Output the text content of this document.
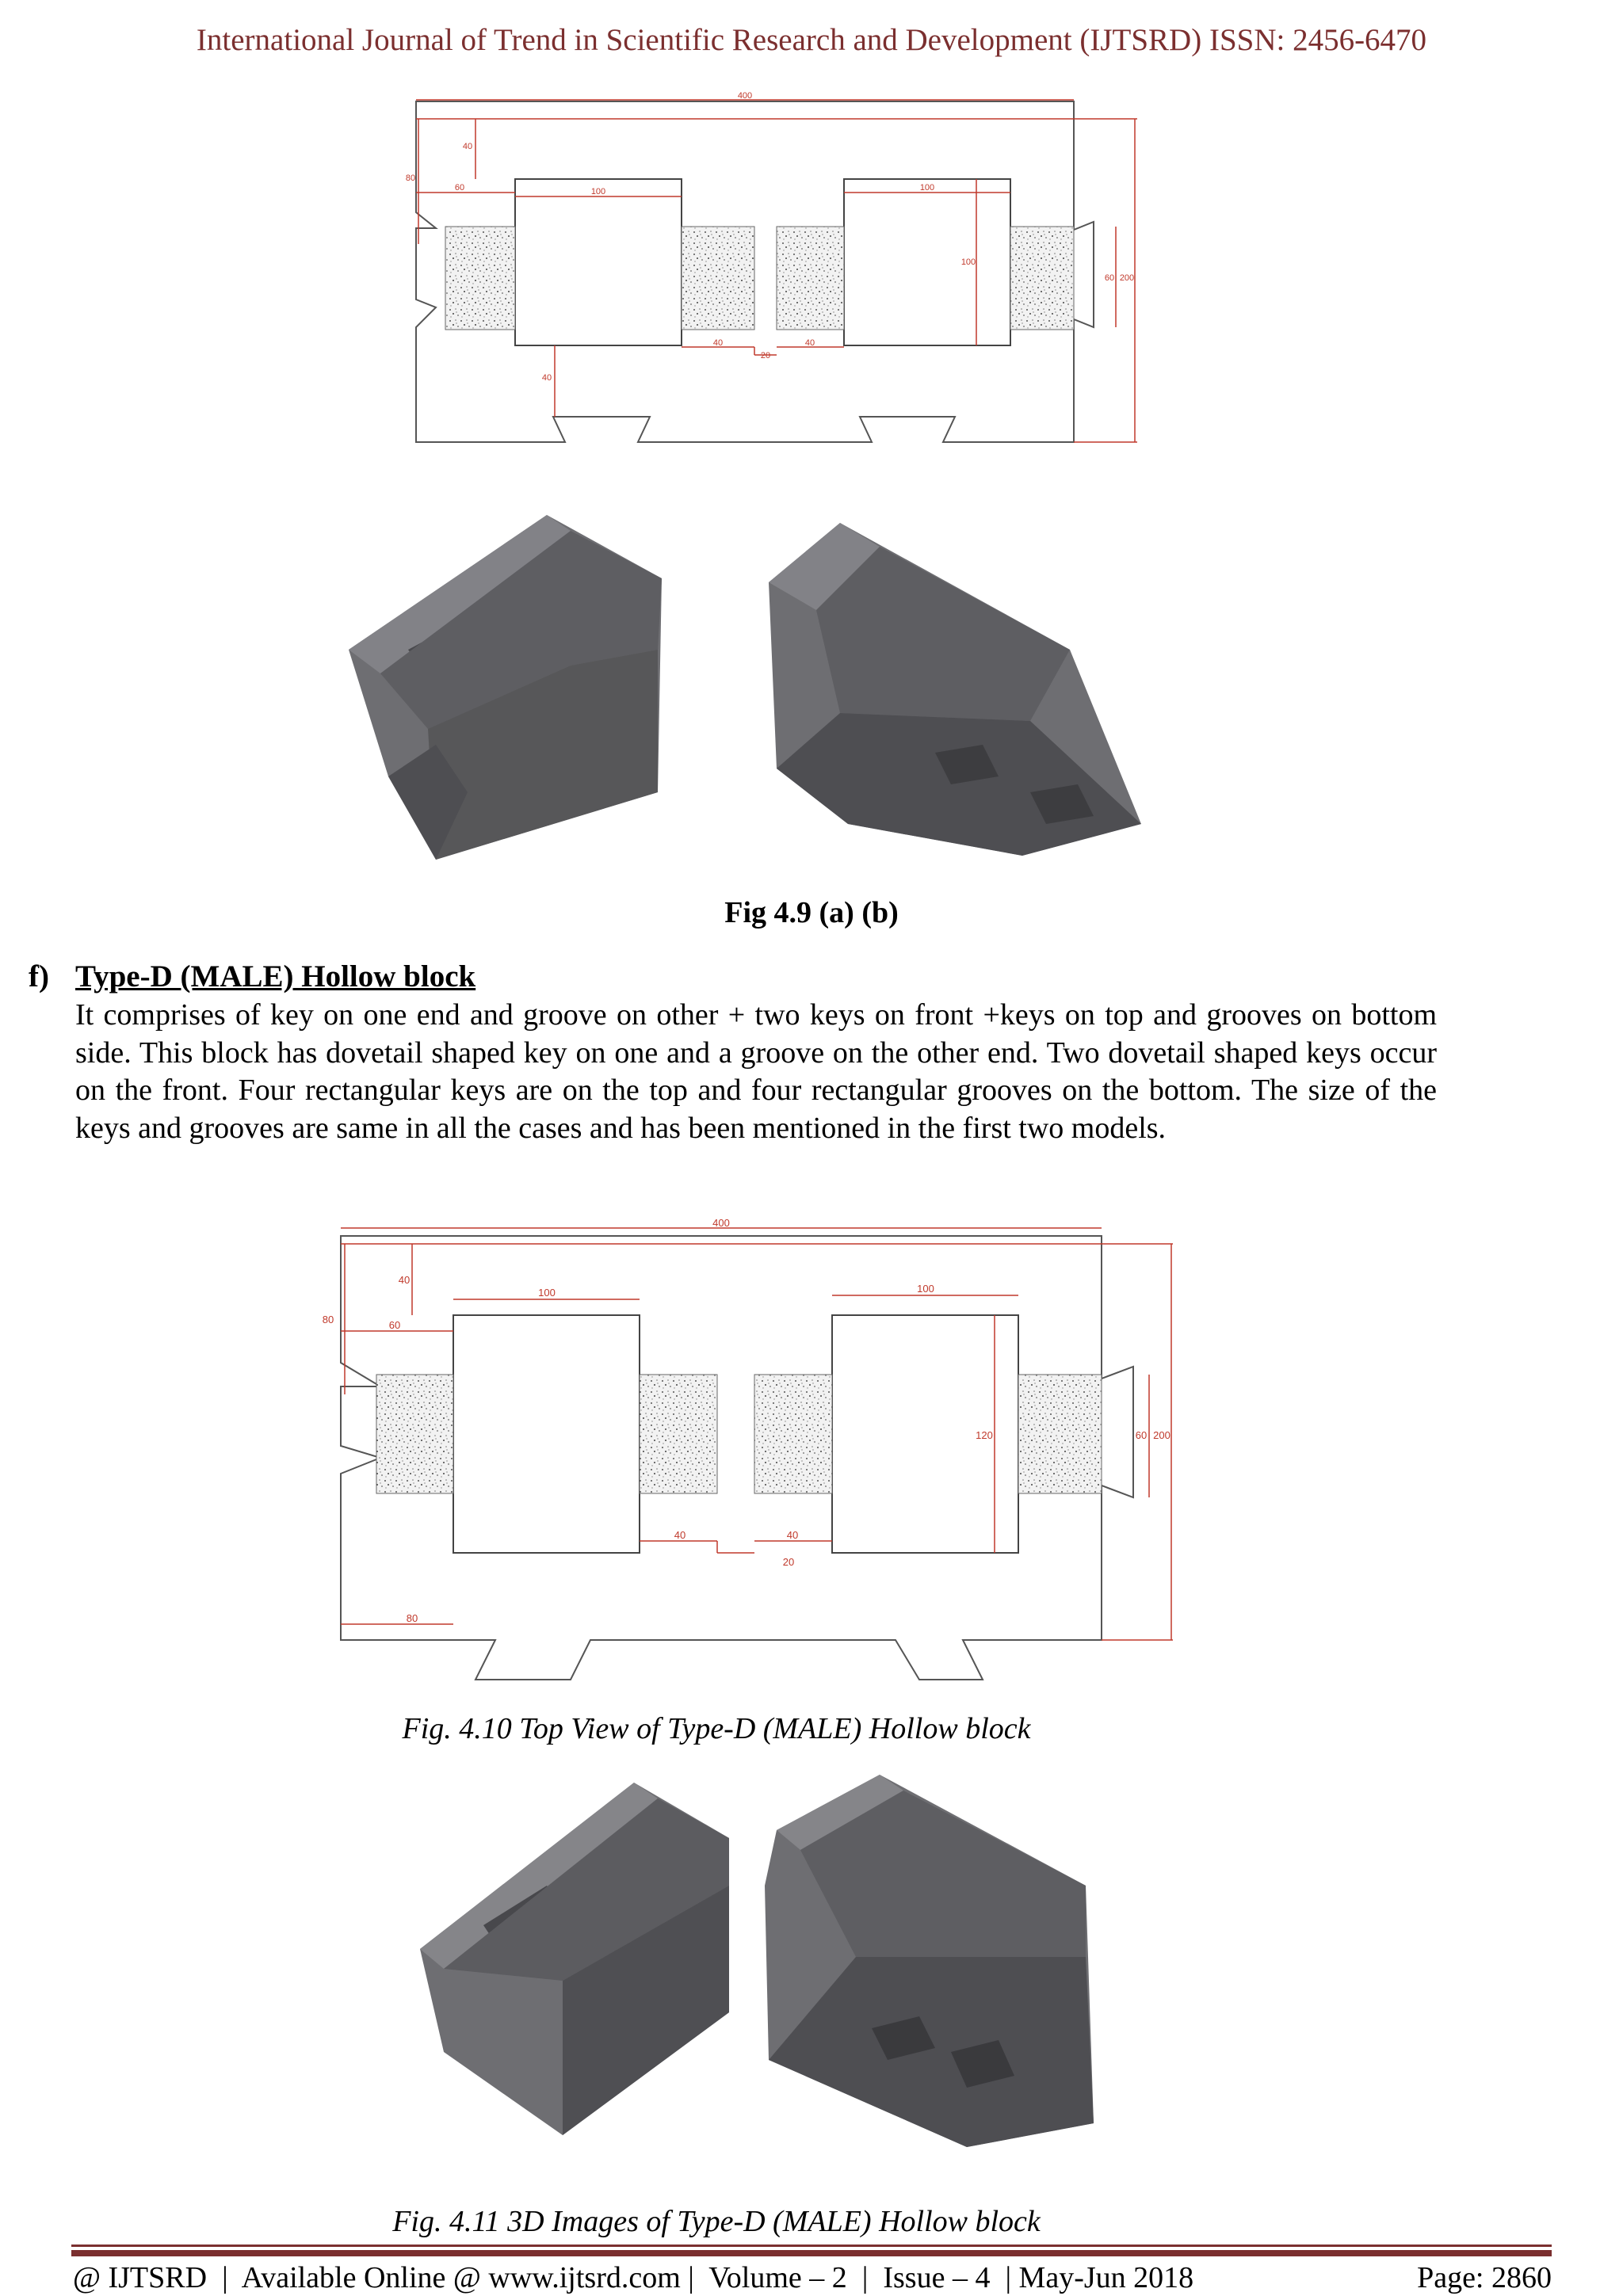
International Journal of Trend in Scientific Research and Development (IJTSRD) ISSN: 2456-6470
400
80
40
60	100	100
100
60 200
40
20
40
40
Fig 4.9 (a) (b)
f) Type-D (MALE) Hollow block
It comprises of key on one end and groove on other + two keys on front +keys on top and grooves on bottom side. This block has dovetail shaped key on one and a groove on the other end. Two dovetail shaped keys occur on the front. Four rectangular keys are on the top and four rectangular grooves on the bottom. The size of the keys and grooves are same in all the cases and has been mentioned in the first two models.
400
80
40
60
100	100
120	60 200
40
20
40
80
Fig. 4.10 Top View of Type-D (MALE) Hollow block
Fig. 4.11 3D Images of Type-D (MALE) Hollow block
@ IJTSRD  |  Available Online @ www.ijtsrd.com |  Volume – 2  |  Issue – 4  | May-Jun 2018	Page: 2860
